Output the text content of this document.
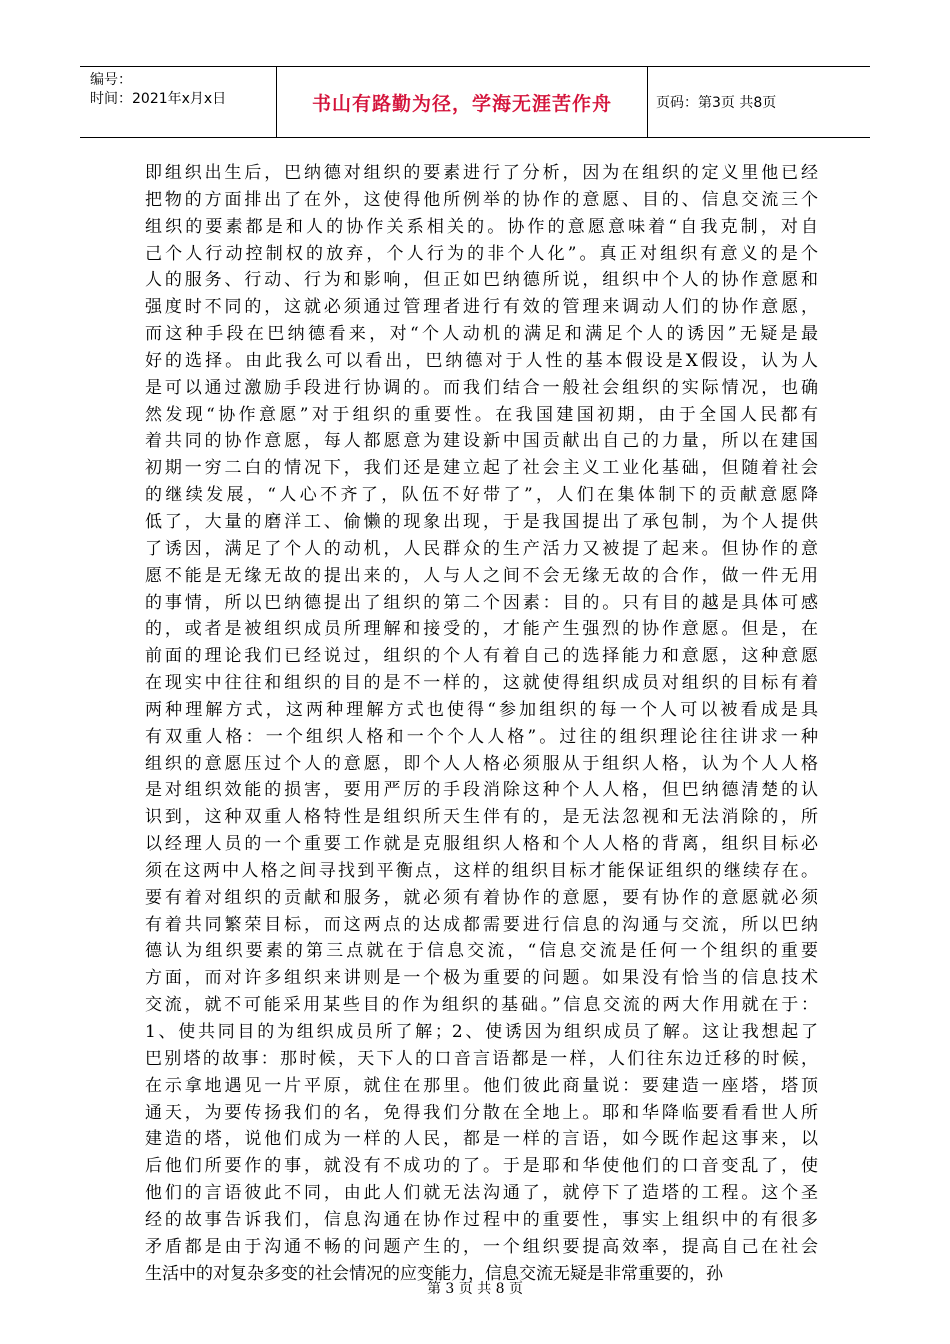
编号：
时间：2021年x月x日	书山有路勤为径，学海无涯苦作舟	页码：第3页 共8页
即组织出生后，巴纳德对组织的要素进行了分析，因为在组织的定义里他已经
把物的方面排出了在外，这使得他所例举的协作的意愿、目的、信息交流三个
组织的要素都是和人的协作关系相关的。协作的意愿意味着“自我克制，对自
己个人行动控制权的放弃，个人行为的非个人化”。真正对组织有意义的是个
人的服务、行动、行为和影响，但正如巴纳德所说，组织中个人的协作意愿和
强度时不同的，这就必须通过管理者进行有效的管理来调动人们的协作意愿，
而这种手段在巴纳德看来，对“个人动机的满足和满足个人的诱因”无疑是最
好的选择。由此我么可以看出，巴纳德对于人性的基本假设是X假设，认为人
是可以通过激励手段进行协调的。而我们结合一般社会组织的实际情况，也确
然发现“协作意愿”对于组织的重要性。在我国建国初期，由于全国人民都有
着共同的协作意愿，每人都愿意为建设新中国贡献出自己的力量，所以在建国
初期一穷二白的情况下，我们还是建立起了社会主义工业化基础，但随着社会
的继续发展，“人心不齐了，队伍不好带了”，人们在集体制下的贡献意愿降
低了，大量的磨洋工、偷懒的现象出现，于是我国提出了承包制，为个人提供
了诱因，满足了个人的动机，人民群众的生产活力又被提了起来。但协作的意
愿不能是无缘无故的提出来的，人与人之间不会无缘无故的合作，做一件无用
的事情，所以巴纳德提出了组织的第二个因素：目的。只有目的越是具体可感
的，或者是被组织成员所理解和接受的，才能产生强烈的协作意愿。但是，在
前面的理论我们已经说过，组织的个人有着自己的选择能力和意愿，这种意愿
在现实中往往和组织的目的是不一样的，这就使得组织成员对组织的目标有着
两种理解方式，这两种理解方式也使得“参加组织的每一个人可以被看成是具
有双重人格：一个组织人格和一个个人人格”。过往的组织理论往往讲求一种
组织的意愿压过个人的意愿，即个人人格必须服从于组织人格，认为个人人格
是对组织效能的损害，要用严厉的手段消除这种个人人格，但巴纳德清楚的认
识到，这种双重人格特性是组织所天生伴有的，是无法忽视和无法消除的，所
以经理人员的一个重要工作就是克服组织人格和个人人格的背离，组织目标必
须在这两中人格之间寻找到平衡点，这样的组织目标才能保证组织的继续存在。
要有着对组织的贡献和服务，就必须有着协作的意愿，要有协作的意愿就必须
有着共同繁荣目标，而这两点的达成都需要进行信息的沟通与交流，所以巴纳
德认为组织要素的第三点就在于信息交流，“信息交流是任何一个组织的重要
方面，而对许多组织来讲则是一个极为重要的问题。如果没有恰当的信息技术
交流，就不可能采用某些目的作为组织的基础。”信息交流的两大作用就在于：
1、使共同目的为组织成员所了解；2、使诱因为组织成员了解。这让我想起了
巴别塔的故事：那时候，天下人的口音言语都是一样，人们往东边迁移的时候，
在示拿地遇见一片平原，就住在那里。他们彼此商量说：要建造一座塔，塔顶
通天，为要传扬我们的名，免得我们分散在全地上。耶和华降临要看看世人所
建造的塔，说他们成为一样的人民，都是一样的言语，如今既作起这事来，以
后他们所要作的事，就没有不成功的了。于是耶和华使他们的口音变乱了，使
他们的言语彼此不同，由此人们就无法沟通了，就停下了造塔的工程。这个圣
经的故事告诉我们，信息沟通在协作过程中的重要性，事实上组织中的有很多
矛盾都是由于沟通不畅的问题产生的，一个组织要提高效率，提高自己在社会
生活中的对复杂多变的社会情况的应变能力，信息交流无疑是非常重要的，孙
第 3 页 共 8 页
